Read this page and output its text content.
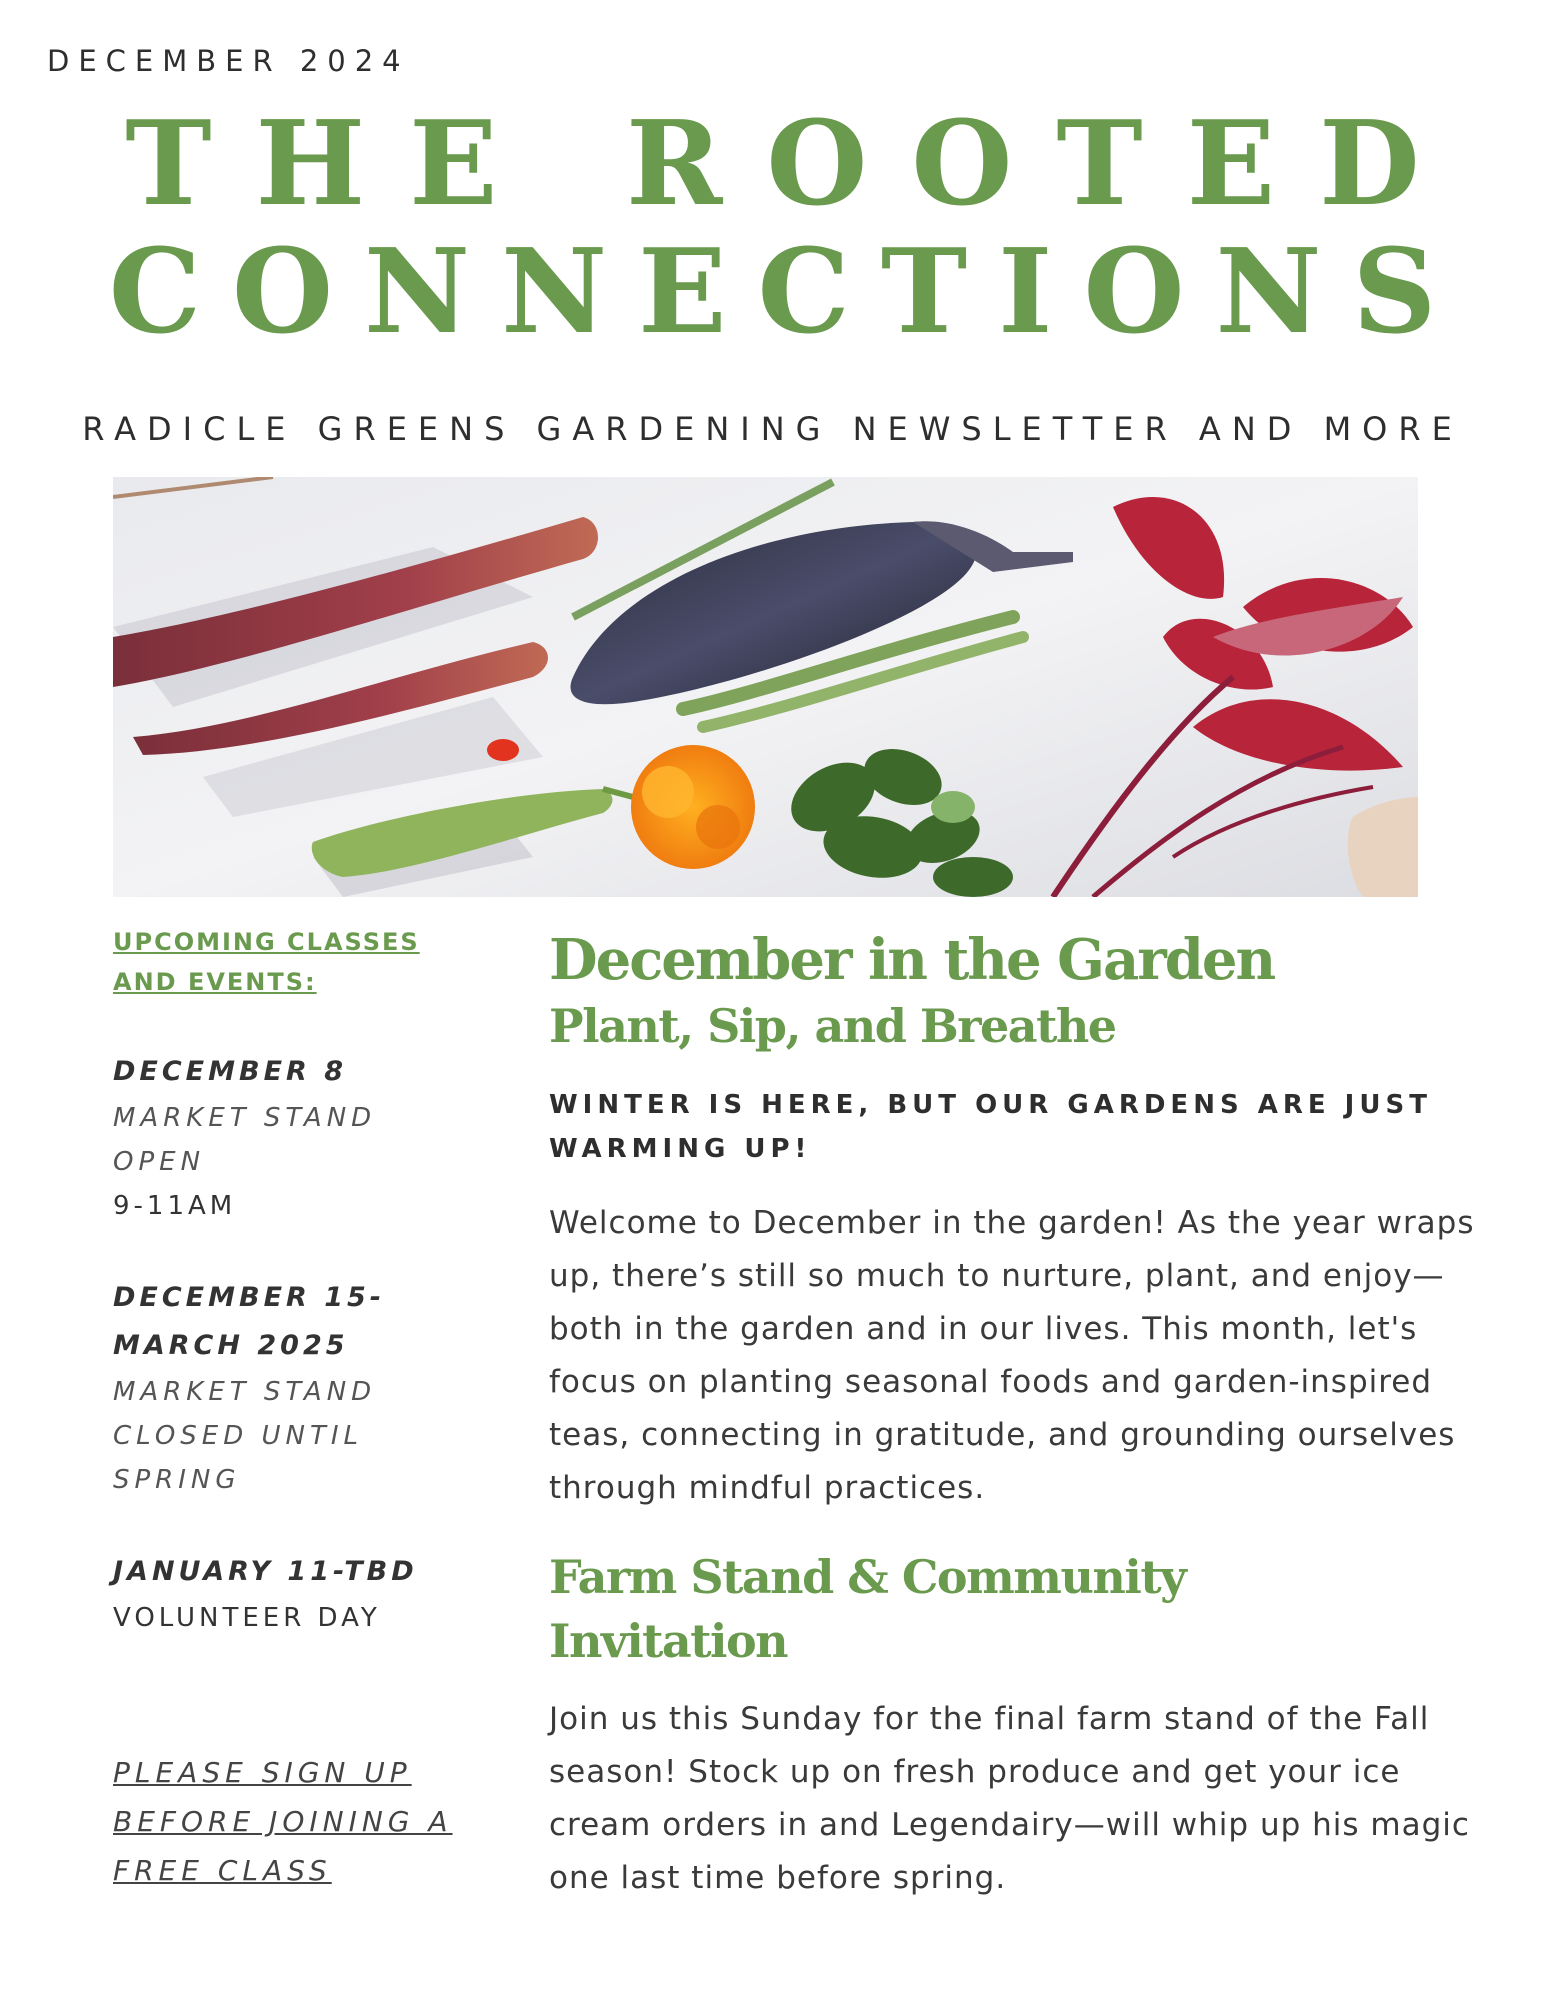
DECEMBER 2024
THE ROOTED
CONNECTIONS
RADICLE GREENS GARDENING NEWSLETTER AND MORE
UPCOMING CLASSES AND EVENTS:
DECEMBER 8
MARKET STAND OPEN
9-11AM
DECEMBER 15-MARCH 2025
MARKET STAND CLOSED UNTIL SPRING
JANUARY 11-TBD
VOLUNTEER DAY
PLEASE SIGN UP BEFORE JOINING A FREE CLASS
December in the Garden
Plant, Sip, and Breathe
WINTER IS HERE, BUT OUR GARDENS ARE JUST WARMING UP!
Welcome to December in the garden! As the year wraps up, there’s still so much to nurture, plant, and enjoy—both in the garden and in our lives. This month, let's focus on planting seasonal foods and garden-inspired teas, connecting in gratitude, and grounding ourselves through mindful practices.
Farm Stand & Community Invitation
Join us this Sunday for the final farm stand of the Fall season! Stock up on fresh produce and get your ice cream orders in and Legendairy—will whip up his magic one last time before spring.
